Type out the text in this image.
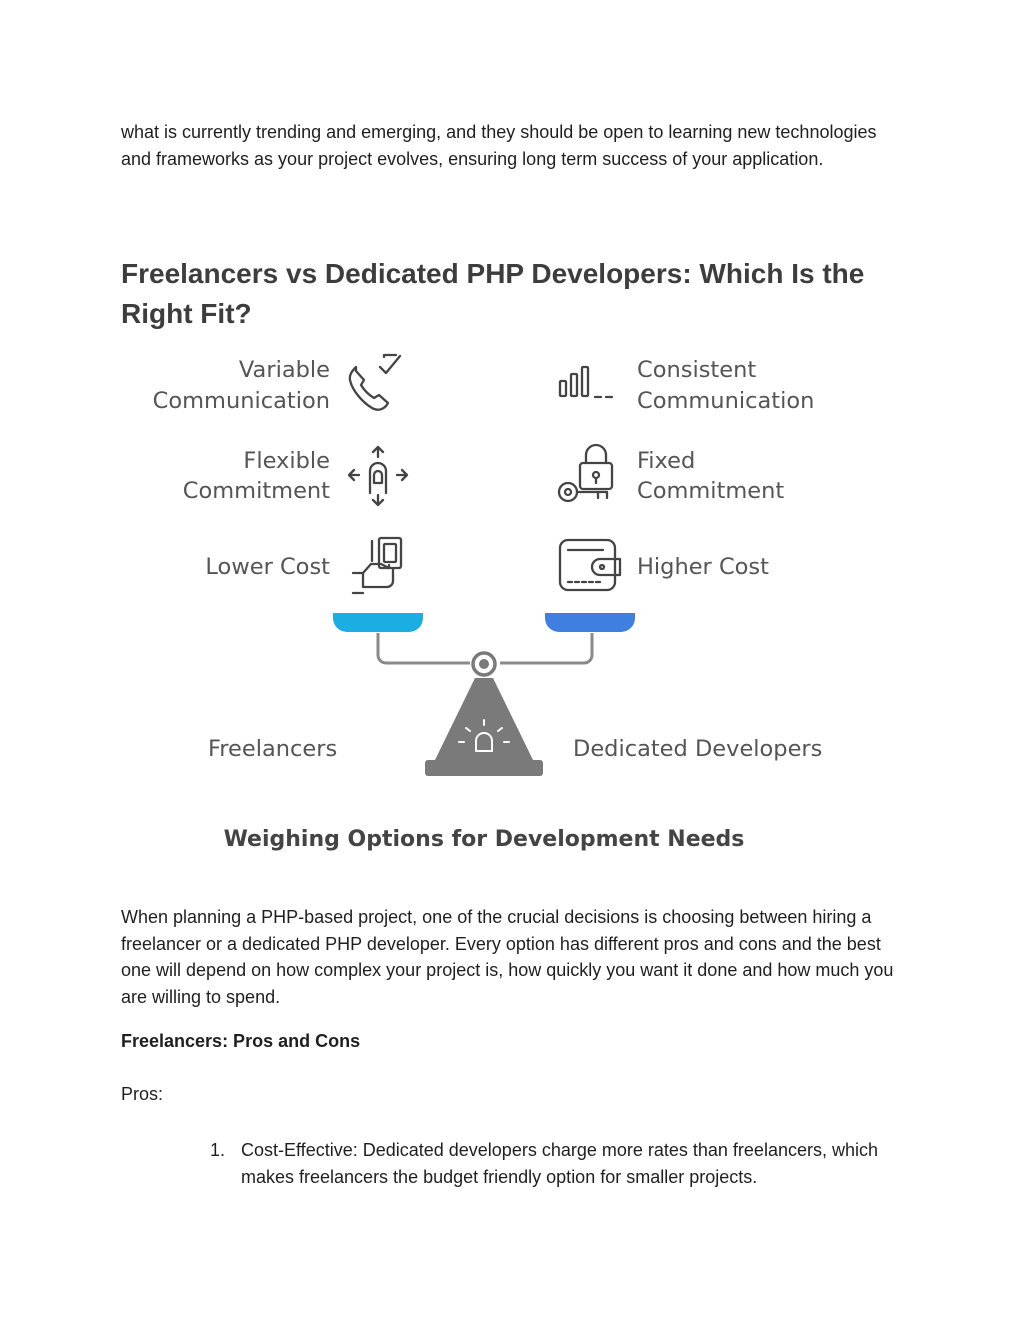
what is currently trending and emerging, and they should be open to learning new technologies and frameworks as your project evolves, ensuring long term success of your application.

Freelancers vs Dedicated PHP Developers: Which Is the Right Fit?
Variable
Communication
Flexible
Commitment
Lower Cost
Consistent
Communication
Fixed
Commitment
Higher Cost
Freelancers	Dedicated Developers
Weighing Options for Development Needs

When planning a PHP-based project, one of the crucial decisions is choosing between hiring a freelancer or a dedicated PHP developer. Every option has different pros and cons and the best one will depend on how complex your project is, how quickly you want it done and how much you are willing to spend.

Freelancers: Pros and Cons

Pros:

1. Cost-Effective: Dedicated developers charge more rates than freelancers, which makes freelancers the budget friendly option for smaller projects.
